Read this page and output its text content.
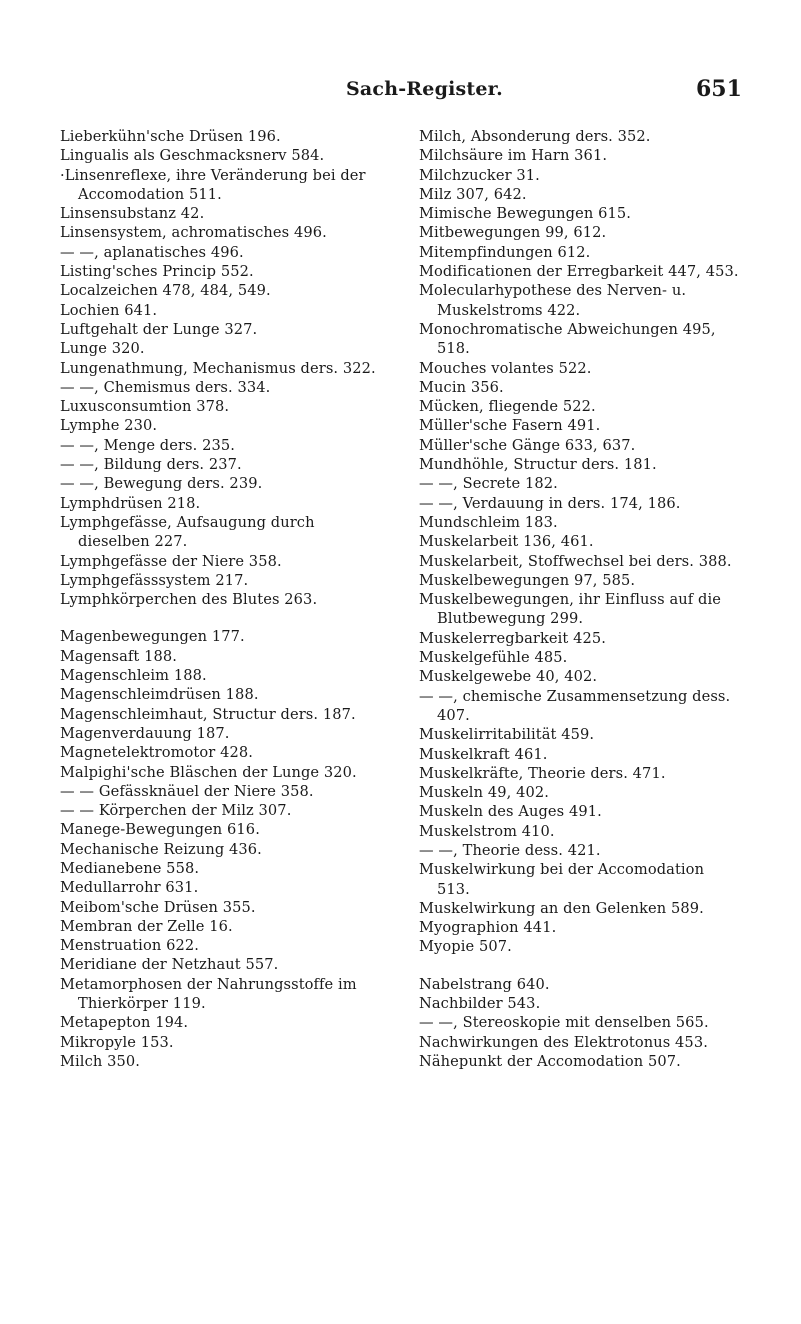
Sach-Register.	651
Lieberkühn'sche Drüsen 196.
Lingualis als Geschmacksnerv 584.
·Linsenreflexe, ihre Veränderung bei der Accomodation 511.
Linsensubstanz 42.
Linsensystem, achromatisches 496.
— —, aplanatisches 496.
Listing'sches Princip 552.
Localzeichen 478, 484, 549.
Lochien 641.
Luftgehalt der Lunge 327.
Lunge 320.
Lungenathmung, Mechanismus ders. 322.
— —, Chemismus ders. 334.
Luxusconsumtion 378.
Lymphe 230.
— —, Menge ders. 235.
— —, Bildung ders. 237.
— —, Bewegung ders. 239.
Lymphdrüsen 218.
Lymphgefässe, Aufsaugung durch dieselben 227.
Lymphgefässe der Niere 358.
Lymphgefässsystem 217.
Lymphkörperchen des Blutes 263.
Magenbewegungen 177.
Magensaft 188.
Magenschleim 188.
Magenschleimdrüsen 188.
Magenschleimhaut, Structur ders. 187.
Magenverdauung 187.
Magnetelektromotor 428.
Malpighi'sche Bläschen der Lunge 320.
— — Gefässknäuel der Niere 358.
— — Körperchen der Milz 307.
Manege-Bewegungen 616.
Mechanische Reizung 436.
Medianebene 558.
Medullarrohr 631.
Meibom'sche Drüsen 355.
Membran der Zelle 16.
Menstruation 622.
Meridiane der Netzhaut 557.
Metamorphosen der Nahrungsstoffe im Thierkörper 119.
Metapepton 194.
Mikropyle 153.
Milch 350.
Milch, Absonderung ders. 352.
Milchsäure im Harn 361.
Milchzucker 31.
Milz 307, 642.
Mimische Bewegungen 615.
Mitbewegungen 99, 612.
Mitempfindungen 612.
Modificationen der Erregbarkeit 447, 453.
Molecularhypothese des Nerven- u. Muskelstroms 422.
Monochromatische Abweichungen 495, 518.
Mouches volantes 522.
Mucin 356.
Mücken, fliegende 522.
Müller'sche Fasern 491.
Müller'sche Gänge 633, 637.
Mundhöhle, Structur ders. 181.
— —, Secrete 182.
— —, Verdauung in ders. 174, 186.
Mundschleim 183.
Muskelarbeit 136, 461.
Muskelarbeit, Stoffwechsel bei ders. 388.
Muskelbewegungen 97, 585.
Muskelbewegungen, ihr Einfluss auf die Blutbewegung 299.
Muskelerregbarkeit 425.
Muskelgefühle 485.
Muskelgewebe 40, 402.
— —, chemische Zusammensetzung dess. 407.
Muskelirritabilität 459.
Muskelkraft 461.
Muskelkräfte, Theorie ders. 471.
Muskeln 49, 402.
Muskeln des Auges 491.
Muskelstrom 410.
— —, Theorie dess. 421.
Muskelwirkung bei der Accomodation 513.
Muskelwirkung an den Gelenken 589.
Myographion 441.
Myopie 507.
Nabelstrang 640.
Nachbilder 543.
— —, Stereoskopie mit denselben 565.
Nachwirkungen des Elektrotonus 453.
Nähepunkt der Accomodation 507.
